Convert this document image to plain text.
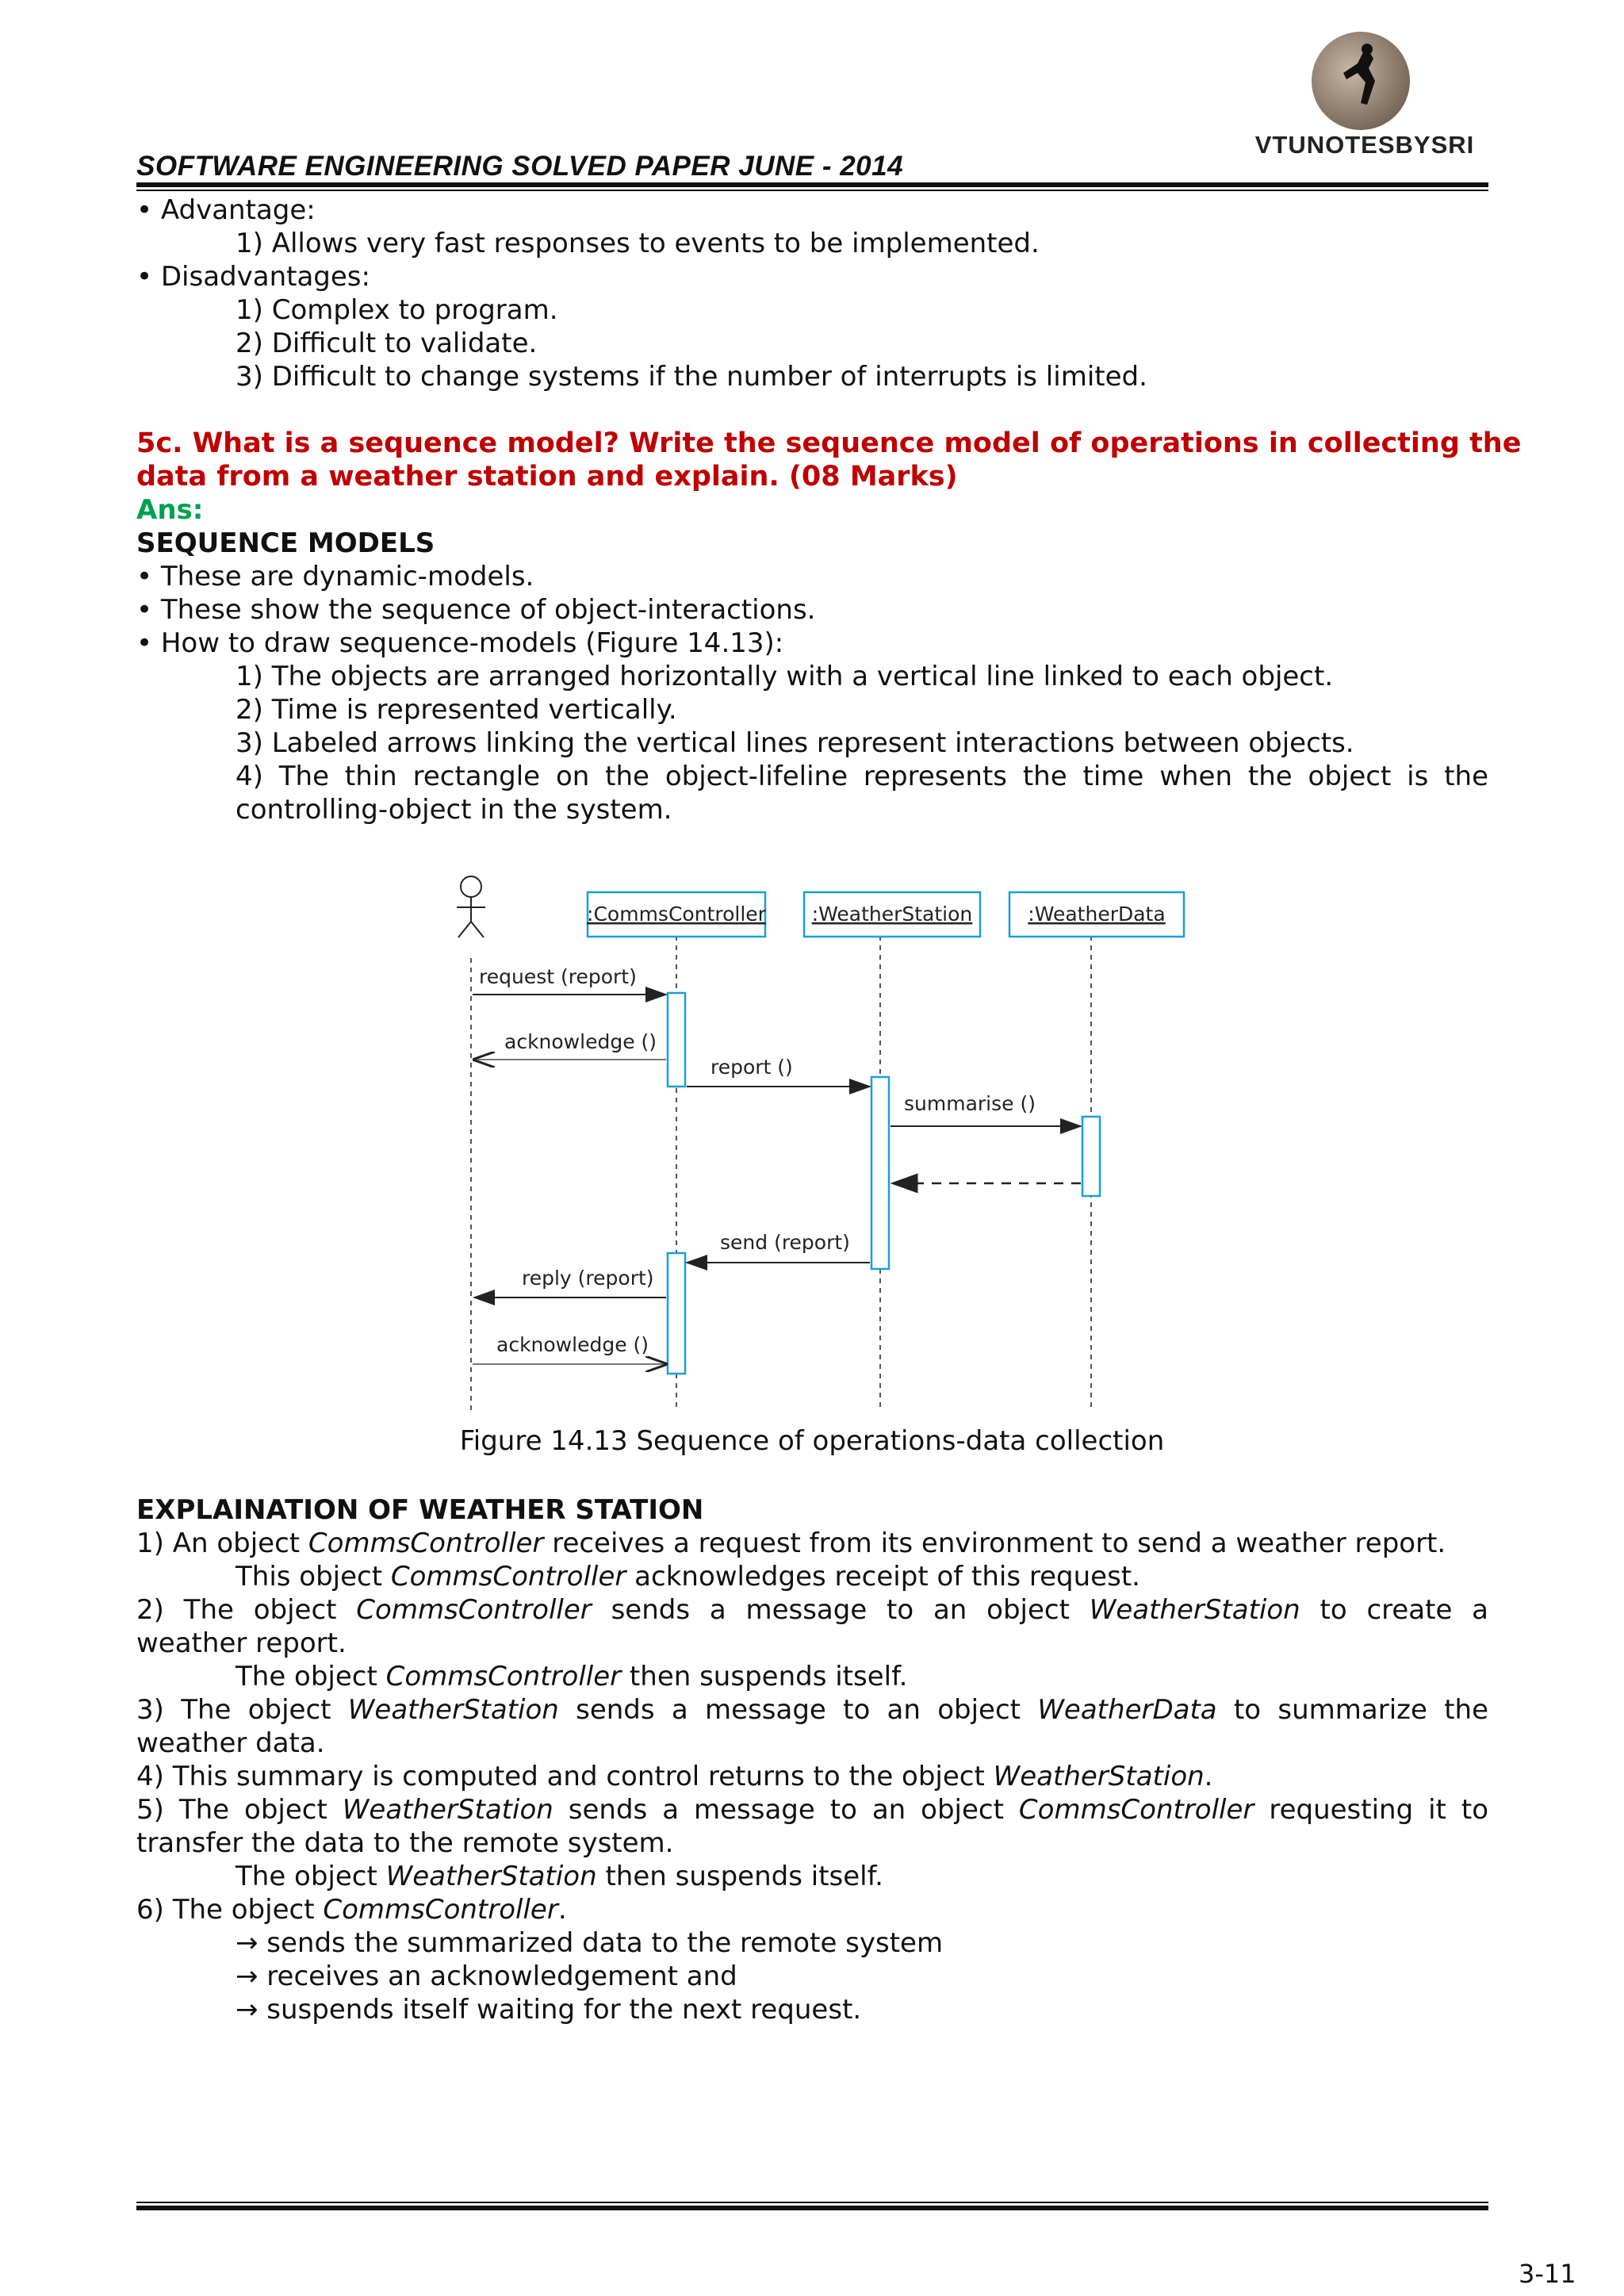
SOFTWARE ENGINEERING SOLVED PAPER JUNE - 2014
VTUNOTESBYSRI
• Advantage:
1) Allows very fast responses to events to be implemented.
• Disadvantages:
1) Complex to program.
2) Difficult to validate.
3) Difficult to change systems if the number of interrupts is limited.
5c. What is a sequence model? Write the sequence model of operations in collecting the
data from a weather station and explain. (08 Marks)
Ans:
SEQUENCE MODELS
• These are dynamic-models.
• These show the sequence of object-interactions.
• How to draw sequence-models (Figure 14.13):
1) The objects are arranged horizontally with a vertical line linked to each object.
2) Time is represented vertically.
3) Labeled arrows linking the vertical lines represent interactions between objects.
4) The thin rectangle on the object-lifeline represents the time when the object is the
controlling-object in the system.
:CommsController :WeatherStation	:WeatherData
request (report)
acknowledge ()
report ()
summarise ()
send (report)
reply (report)
acknowledge ()
Figure 14.13 Sequence of operations-data collection
EXPLAINATION OF WEATHER STATION
1) An object CommsController receives a request from its environment to send a weather report.
This object CommsController acknowledges receipt of this request.
2) The object CommsController sends a message to an object WeatherStation to create a
weather report.
The object CommsController then suspends itself.
3) The object WeatherStation sends a message to an object WeatherData to summarize the
weather data.
4) This summary is computed and control returns to the object WeatherStation.
5) The object WeatherStation sends a message to an object CommsController requesting it to
transfer the data to the remote system.
The object WeatherStation then suspends itself.
6) The object CommsController.
→ sends the summarized data to the remote system
→ receives an acknowledgement and
→ suspends itself waiting for the next request.
3-11
